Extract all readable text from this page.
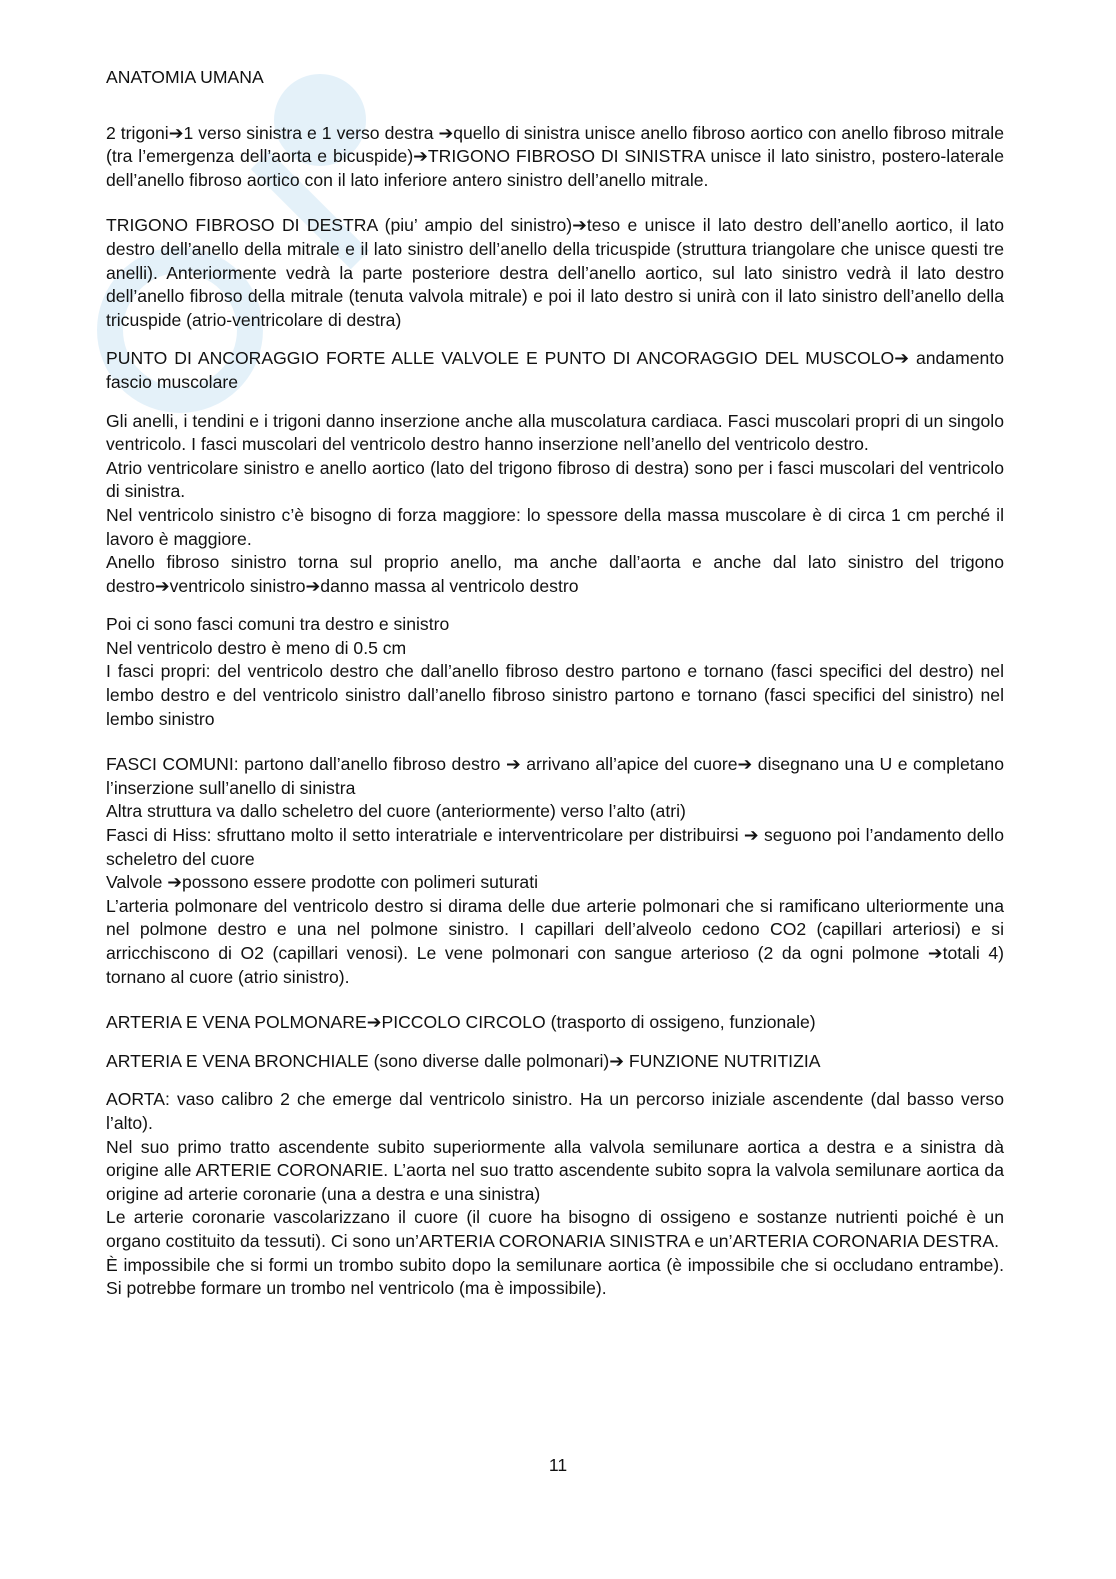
ANATOMIA UMANA

2 trigoni➔1 verso sinistra e 1 verso destra ➔quello di sinistra unisce anello fibroso aortico con anello fibroso mitrale (tra l’emergenza dell’aorta e bicuspide)➔TRIGONO FIBROSO DI SINISTRA unisce il lato sinistro, postero-laterale dell’anello fibroso aortico con il lato inferiore antero sinistro dell’anello mitrale.

TRIGONO FIBROSO DI DESTRA (piu’ ampio del sinistro)➔teso e unisce il lato destro dell’anello aortico, il lato destro dell’anello della mitrale e il lato sinistro dell’anello della tricuspide (struttura triangolare che unisce questi tre anelli). Anteriormente vedrà la parte posteriore destra dell’anello aortico, sul lato sinistro vedrà il lato destro dell’anello fibroso della mitrale (tenuta valvola mitrale) e poi il lato destro si unirà con il lato sinistro dell’anello della tricuspide (atrio-ventricolare di destra)

PUNTO DI ANCORAGGIO FORTE ALLE VALVOLE E PUNTO DI ANCORAGGIO DEL MUSCOLO➔ andamento fascio muscolare

Gli anelli, i tendini e i trigoni danno inserzione anche alla muscolatura cardiaca. Fasci muscolari propri di un singolo ventricolo. I fasci muscolari del ventricolo destro hanno inserzione nell’anello del ventricolo destro.

Atrio ventricolare sinistro e anello aortico (lato del trigono fibroso di destra) sono per i fasci muscolari del ventricolo di sinistra.

Nel ventricolo sinistro c’è bisogno di forza maggiore: lo spessore della massa muscolare è di circa 1 cm perché il lavoro è maggiore.

Anello fibroso sinistro torna sul proprio anello, ma anche dall’aorta e anche dal lato sinistro del trigono destro➔ventricolo sinistro➔danno massa al ventricolo destro

Poi ci sono fasci comuni tra destro e sinistro

Nel ventricolo destro è meno di 0.5 cm

I fasci propri: del ventricolo destro che dall’anello fibroso destro partono e tornano (fasci specifici del destro) nel lembo destro e del ventricolo sinistro dall’anello fibroso sinistro partono e tornano (fasci specifici del sinistro) nel lembo sinistro

FASCI COMUNI: partono dall’anello fibroso destro ➔ arrivano all’apice del cuore➔ disegnano una U e completano l’inserzione sull’anello di sinistra

Altra struttura va dallo scheletro del cuore (anteriormente) verso l’alto (atri)

Fasci di Hiss: sfruttano molto il setto interatriale e interventricolare per distribuirsi ➔ seguono poi l’andamento dello scheletro del cuore

Valvole ➔possono essere prodotte con polimeri suturati

L’arteria polmonare del ventricolo destro si dirama delle due arterie polmonari che si ramificano ulteriormente una nel polmone destro e una nel polmone sinistro. I capillari dell’alveolo cedono CO2 (capillari arteriosi) e si arricchiscono di O2 (capillari venosi). Le vene polmonari con sangue arterioso (2 da ogni polmone ➔totali 4) tornano al cuore (atrio sinistro).

ARTERIA E VENA POLMONARE➔PICCOLO CIRCOLO (trasporto di ossigeno, funzionale)

ARTERIA E VENA BRONCHIALE (sono diverse dalle polmonari)➔ FUNZIONE NUTRITIZIA

AORTA: vaso calibro 2 che emerge dal ventricolo sinistro. Ha un percorso iniziale ascendente (dal basso verso l’alto).

Nel suo primo tratto ascendente subito superiormente alla valvola semilunare aortica a destra e a sinistra dà origine alle ARTERIE CORONARIE. L’aorta nel suo tratto ascendente subito sopra la valvola semilunare aortica da origine ad arterie coronarie (una a destra e una sinistra)

Le arterie coronarie vascolarizzano il cuore (il cuore ha bisogno di ossigeno e sostanze nutrienti poiché è un organo costituito da tessuti). Ci sono un’ARTERIA CORONARIA SINISTRA e un’ARTERIA CORONARIA DESTRA.

È impossibile che si formi un trombo subito dopo la semilunare aortica (è impossibile che si occludano entrambe). Si potrebbe formare un trombo nel ventricolo (ma è impossibile).

11
